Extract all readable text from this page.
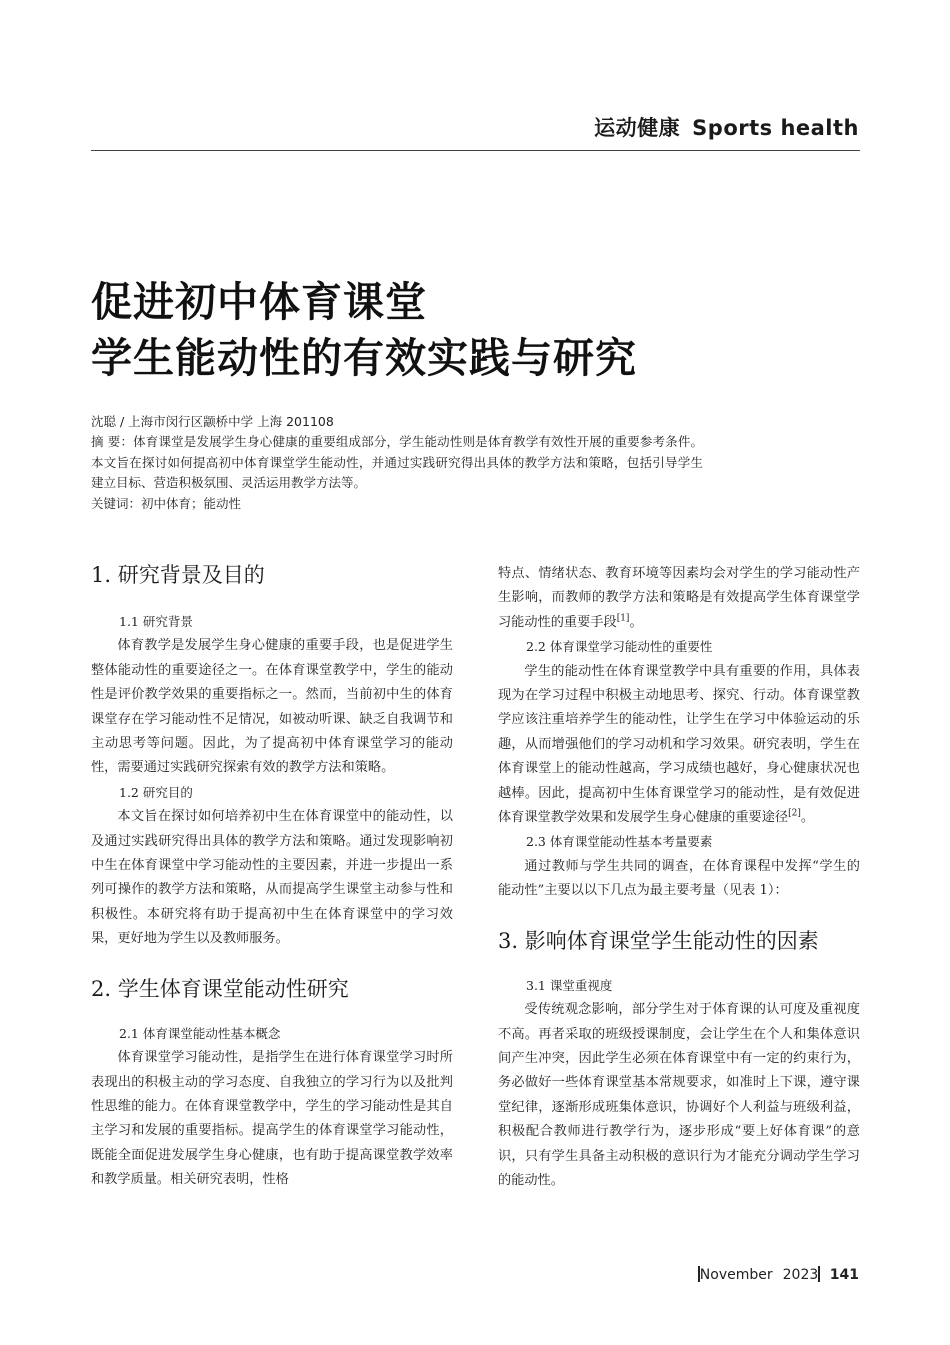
运动健康 Sports health
促进初中体育课堂
学生能动性的有效实践与研究

沈聪 / 上海市闵行区颛桥中学 上海 201108

摘 要：体育课堂是发展学生身心健康的重要组成部分，学生能动性则是体育教学有效性开展的重要参考条件。本文旨在探讨如何提高初中体育课堂学生能动性，并通过实践研究得出具体的教学方法和策略，包括引导学生建立目标、营造积极氛围、灵活运用教学方法等。

关键词：初中体育；能动性

1. 研究背景及目的
1.1 研究背景

体育教学是发展学生身心健康的重要手段，也是促进学生整体能动性的重要途径之一。在体育课堂教学中，学生的能动性是评价教学效果的重要指标之一。然而，当前初中生的体育课堂存在学习能动性不足情况，如被动听课、缺乏自我调节和主动思考等问题。因此，为了提高初中体育课堂学习的能动性，需要通过实践研究探索有效的教学方法和策略。

1.2 研究目的

本文旨在探讨如何培养初中生在体育课堂中的能动性，以及通过实践研究得出具体的教学方法和策略。通过发现影响初中生在体育课堂中学习能动性的主要因素，并进一步提出一系列可操作的教学方法和策略，从而提高学生课堂主动参与性和积极性。本研究将有助于提高初中生在体育课堂中的学习效果，更好地为学生以及教师服务。

2. 学生体育课堂能动性研究
2.1 体育课堂能动性基本概念

体育课堂学习能动性，是指学生在进行体育课堂学习时所表现出的积极主动的学习态度、自我独立的学习行为以及批判性思维的能力。在体育课堂教学中，学生的学习能动性是其自主学习和发展的重要指标。提高学生的体育课堂学习能动性，既能全面促进发展学生身心健康，也有助于提高课堂教学效率和教学质量。相关研究表明，性格

特点、情绪状态、教育环境等因素均会对学生的学习能动性产生影响，而教师的教学方法和策略是有效提高学生体育课堂学习能动性的重要手段[1]。

2.2 体育课堂学习能动性的重要性

学生的能动性在体育课堂教学中具有重要的作用，具体表现为在学习过程中积极主动地思考、探究、行动。体育课堂教学应该注重培养学生的能动性，让学生在学习中体验运动的乐趣，从而增强他们的学习动机和学习效果。研究表明，学生在体育课堂上的能动性越高，学习成绩也越好，身心健康状况也越棒。因此，提高初中生体育课堂学习的能动性，是有效促进体育课堂教学效果和发展学生身心健康的重要途径[2]。

2.3 体育课堂能动性基本考量要素

通过教师与学生共同的调查，在体育课程中发挥“学生的能动性”主要以以下几点为最主要考量（见表 1）：

3. 影响体育课堂学生能动性的因素
3.1 课堂重视度

受传统观念影响，部分学生对于体育课的认可度及重视度不高。再者采取的班级授课制度，会让学生在个人和集体意识间产生冲突，因此学生必须在体育课堂中有一定的约束行为，务必做好一些体育课堂基本常规要求，如准时上下课，遵守课堂纪律，逐渐形成班集体意识，协调好个人利益与班级利益，积极配合教师进行教学行为，逐步形成“要上好体育课”的意识，只有学生具备主动积极的意识行为才能充分调动学生学习的能动性。

November 2023 141
